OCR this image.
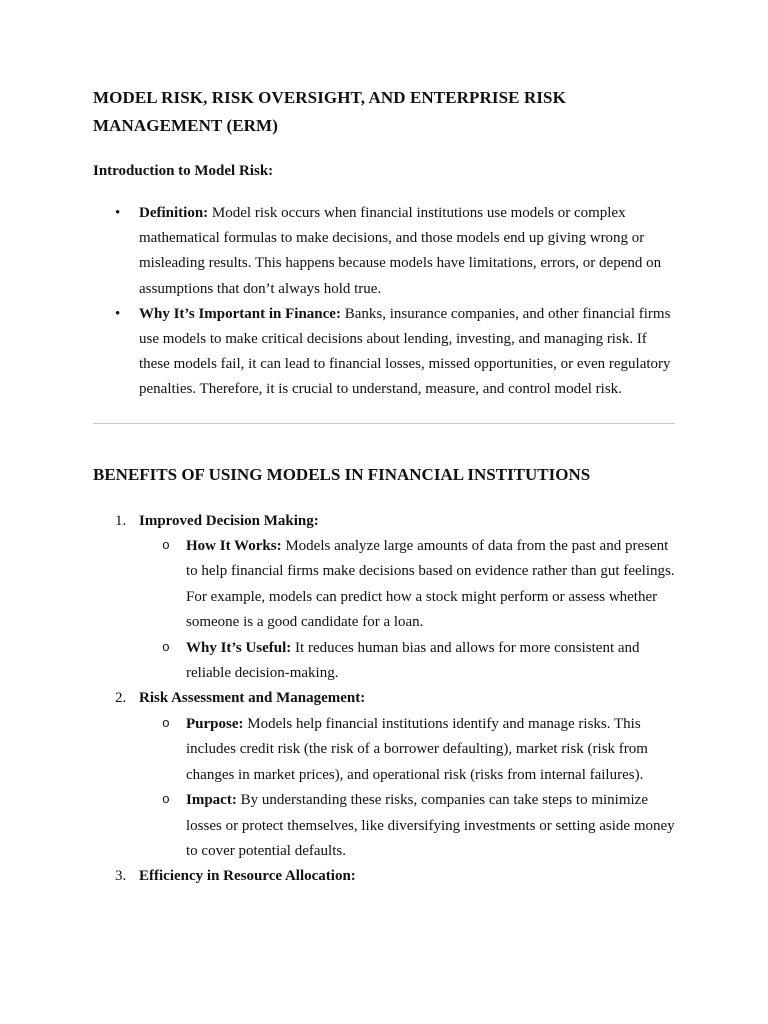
MODEL RISK, RISK OVERSIGHT, AND ENTERPRISE RISK MANAGEMENT (ERM)

Introduction to Model Risk:

• Definition: Model risk occurs when financial institutions use models or complex mathematical formulas to make decisions, and those models end up giving wrong or misleading results. This happens because models have limitations, errors, or depend on assumptions that don’t always hold true.
• Why It’s Important in Finance: Banks, insurance companies, and other financial firms use models to make critical decisions about lending, investing, and managing risk. If these models fail, it can lead to financial losses, missed opportunities, or even regulatory penalties. Therefore, it is crucial to understand, measure, and control model risk.
BENEFITS OF USING MODELS IN FINANCIAL INSTITUTIONS
1. Improved Decision Making:
o How It Works: Models analyze large amounts of data from the past and present to help financial firms make decisions based on evidence rather than gut feelings. For example, models can predict how a stock might perform or assess whether someone is a good candidate for a loan.
o Why It’s Useful: It reduces human bias and allows for more consistent and reliable decision-making.
2. Risk Assessment and Management:
o Purpose: Models help financial institutions identify and manage risks. This includes credit risk (the risk of a borrower defaulting), market risk (risk from changes in market prices), and operational risk (risks from internal failures).
o Impact: By understanding these risks, companies can take steps to minimize losses or protect themselves, like diversifying investments or setting aside money to cover potential defaults.
3. Efficiency in Resource Allocation:
